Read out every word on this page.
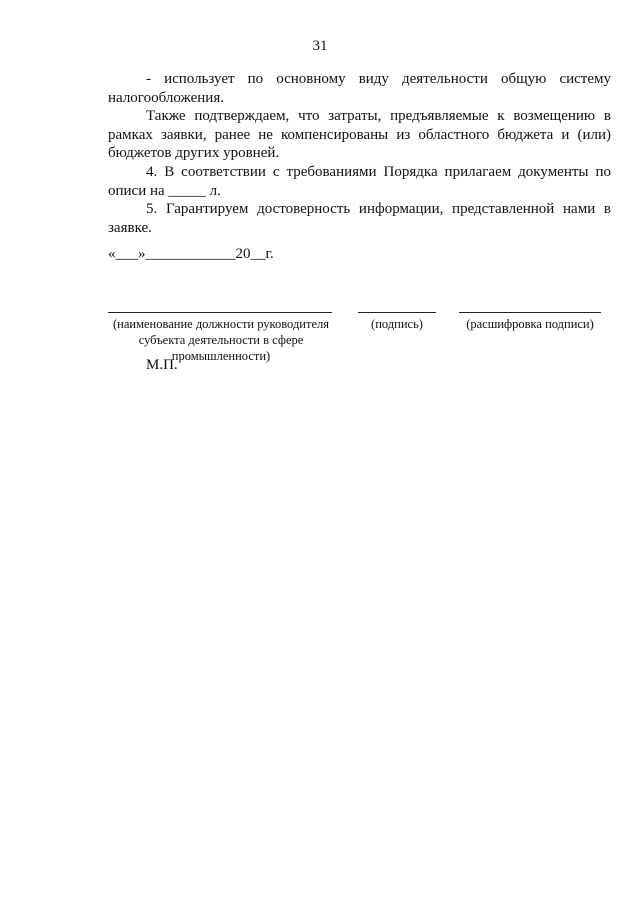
31

- использует по основному виду деятельности общую систему налогообложения.

Также подтверждаем, что затраты, предъявляемые к возмещению в рамках заявки, ранее не компенсированы из областного бюджета и (или) бюджетов других уровней.

4. В соответствии с требованиями Порядка прилагаем документы по описи на _____ л.

5. Гарантируем достоверность информации, представленной нами в заявке.

«___»____________20__г.
(наименование должности руководителя субъекта деятельности в сфере промышленности)
(подпись)	(расшифровка подписи)
М.П.
